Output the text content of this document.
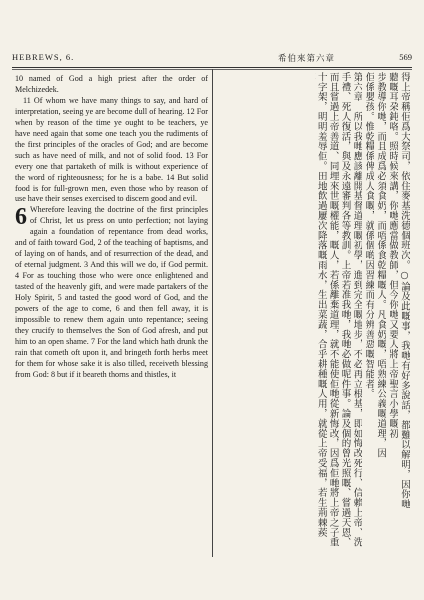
HEBREWS, 6.	希伯來第六章	569

10 named of God a high priest after the order of Melchizedek.

11 Of whom we have many things to say, and hard of interpretation, seeing ye are become dull of hearing. 12 For when by reason of the time ye ought to be teachers, ye have need again that some one teach you the rudiments of the first principles of the oracles of God; and are become such as have need of milk, and not of solid food. 13 For every one that partaketh of milk is without experience of the word of righteousness; for he is a babe. 14 But solid food is for full-grown men, even those who by reason of use have their senses exercised to discern good and evil.

6 Wherefore leaving the doctrine of the first principles of Christ, let us press on unto perfection; not laying again a foundation of repentance from dead works, and of faith toward God, 2 of the teaching of baptisms, and of laying on of hands, and of resurrection of the dead, and of eternal judgment. 3 And this will we do, if God permit. 4 For as touching those who were once enlightened and tasted of the heavenly gift, and were made partakers of the Holy Spirit, 5 and tasted the good word of God, and the powers of the age to come, 6 and then fell away, it is impossible to renew them again unto repentance; seeing they crucify to themselves the Son of God afresh, and put him to an open shame. 7 For the land which hath drunk the rain that cometh oft upon it, and bringeth forth herbs meet for them for whose sake it is also tilled, receiveth blessing from God: 8 but if it beareth thorns and thistles, it	得上帝稱佢爲大祭司，依住麥基洗德個班次。○論及此嘅事，我哋有好多說話，都難以解明，因你哋
聽嘅耳朶鈍咯。照時候來講，你哋應當做教師，但今你哋又要人將上帝聖言小學嘅初
步教導你哋，而且成爲必須食奶，而唔係食乾糧嘅人。凡食奶嘅，唔熟練公義嘅道理，因
佢係嬰孩。惟乾糧係俾成人食嘅，就係個啲因習練而有分辨善惡嘅智能者。
第六章　所以我哋應該離開基督道理嘅初學，進到完全嘅地步，不必再立根基，即如悔改死行、信賴上帝、洗
手禮、死人復活，與及永遠審判各等教訓。上帝若准我哋，我哋必做呢件事。論及個的曾光照嘅、嘗過天恩、
而且嘗過上帝善道、同埋來世嘅權能，嘅人，若係離棄道理，就不能使佢哋從新悔改，因爲佢哋將上帝之子重
十字架，明明羞辱佢。田地飲過屢次降落嘅雨水，生出菜蔬，合乎耕種嘅人用，就從上帝受福，若生荊棘蒺
